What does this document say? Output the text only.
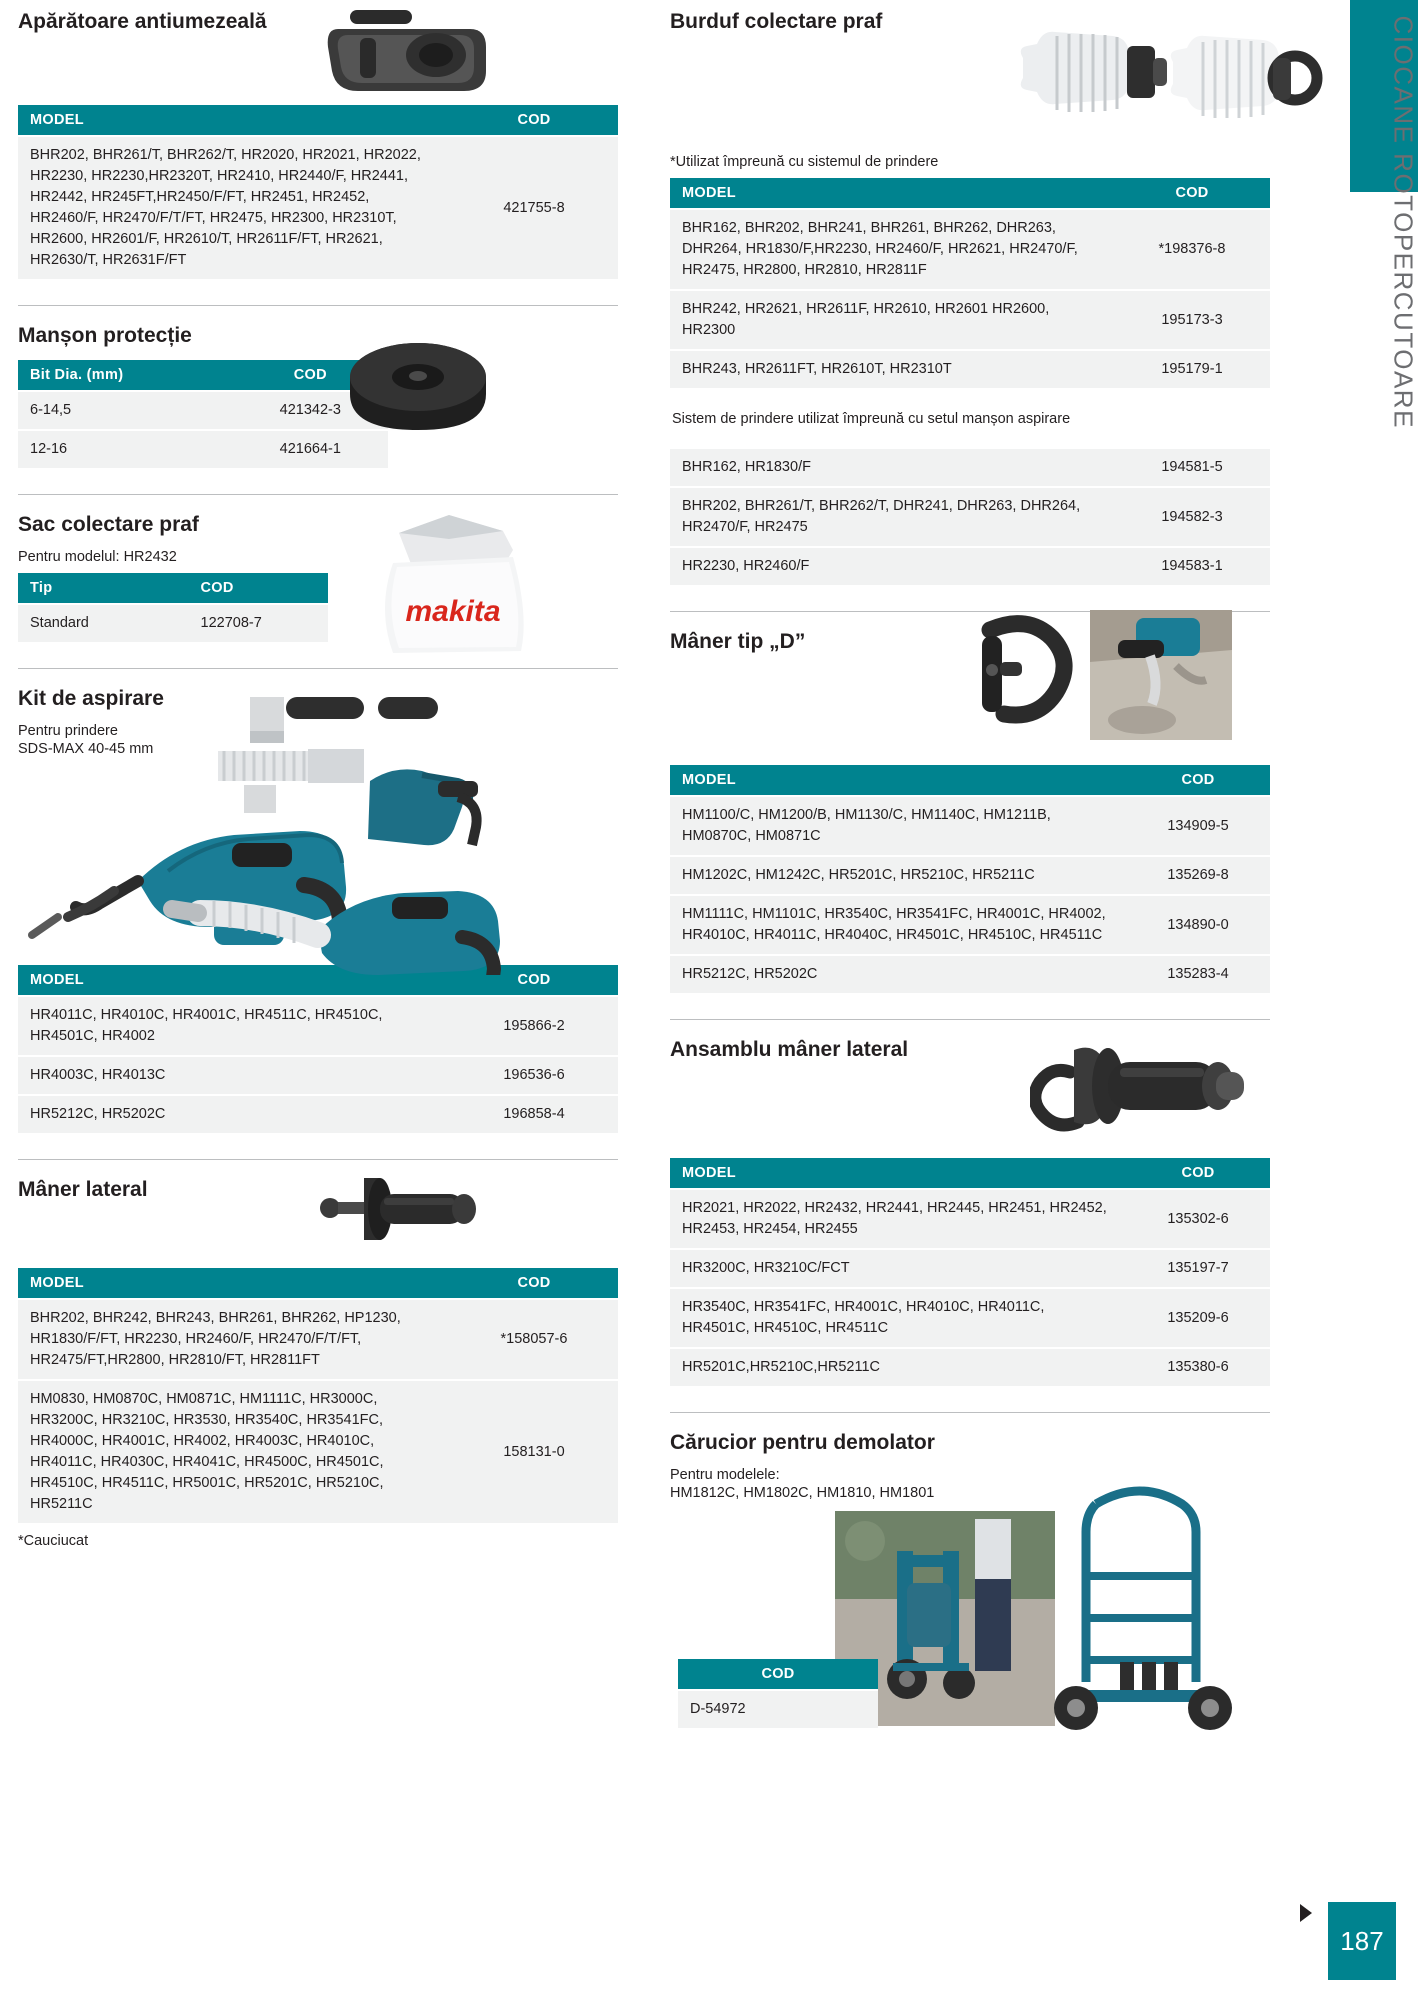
Apărătoare antiumezeală
MODEL	COD
BHR202, BHR261/T, BHR262/T, HR2020, HR2021, HR2022, HR2230, HR2230,HR2320T, HR2410, HR2440/F, HR2441, HR2442, HR245FT,HR2450/F/FT, HR2451, HR2452, HR2460/F, HR2470/F/T/FT, HR2475, HR2300, HR2310T, HR2600, HR2601/F, HR2610/T, HR2611F/FT, HR2621, HR2630/T, HR2631F/FT	421755-8
Manșon protecție
Bit Dia. (mm)	COD
6-14,5	421342-3
12-16	421664-1
Sac colectare praf
makita

Pentru modelul: HR2432

Tip	COD
Standard	122708-7
Kit de aspirare

Pentru prindere

SDS-MAX 40-45 mm

MODEL	COD
HR4011C, HR4010C, HR4001C, HR4511C, HR4510C, HR4501C, HR4002	195866-2
HR4003C, HR4013C	196536-6
HR5212C, HR5202C	196858-4
Mâner lateral
MODEL	COD
BHR202, BHR242, BHR243, BHR261, BHR262, HP1230, HR1830/F/FT, HR2230, HR2460/F, HR2470/F/T/FT, HR2475/FT,HR2800, HR2810/FT, HR2811FT	*158057-6
HM0830, HM0870C, HM0871C, HM1111C, HR3000C, HR3200C, HR3210C, HR3530, HR3540C, HR3541FC, HR4000C, HR4001C, HR4002, HR4003C, HR4010C, HR4011C, HR4030C, HR4041C, HR4500C, HR4501C, HR4510C, HR4511C, HR5001C, HR5201C, HR5210C, HR5211C	158131-0

*Cauciucat

Burduf colectare praf

*Utilizat împreună cu sistemul de prindere

MODEL	COD
BHR162, BHR202, BHR241, BHR261, BHR262, DHR263, DHR264, HR1830/F,HR2230, HR2460/F, HR2621, HR2470/F, HR2475, HR2800, HR2810, HR2811F	*198376-8
BHR242, HR2621, HR2611F, HR2610, HR2601 HR2600, HR2300	195173-3
BHR243, HR2611FT, HR2610T, HR2310T	195179-1

Sistem de prindere utilizat împreună cu setul manșon aspirare

BHR162, HR1830/F	194581-5
BHR202, BHR261/T, BHR262/T, DHR241, DHR263, DHR264, HR2470/F, HR2475	194582-3
HR2230, HR2460/F	194583-1
Mâner tip „D”
MODEL	COD
HM1100/C, HM1200/B, HM1130/C, HM1140C, HM1211B, HM0870C, HM0871C	134909-5
HM1202C, HM1242C, HR5201C, HR5210C, HR5211C	135269-8
HM1111C, HM1101C, HR3540C, HR3541FC, HR4001C, HR4002, HR4010C, HR4011C, HR4040C, HR4501C, HR4510C, HR4511C	134890-0
HR5212C, HR5202C	135283-4
Ansamblu mâner lateral
MODEL	COD
HR2021, HR2022, HR2432, HR2441, HR2445, HR2451, HR2452, HR2453, HR2454, HR2455	135302-6
HR3200C, HR3210C/FCT	135197-7
HR3540C, HR3541FC, HR4001C, HR4010C, HR4011C, HR4501C, HR4510C, HR4511C	135209-6
HR5201C,HR5210C,HR5211C	135380-6
Cărucior pentru demolator

Pentru modelele:

HM1812C, HM1802C, HM1810, HM1801

COD
D-54972
CIOCANE ROTOPERCUTOARE
187
